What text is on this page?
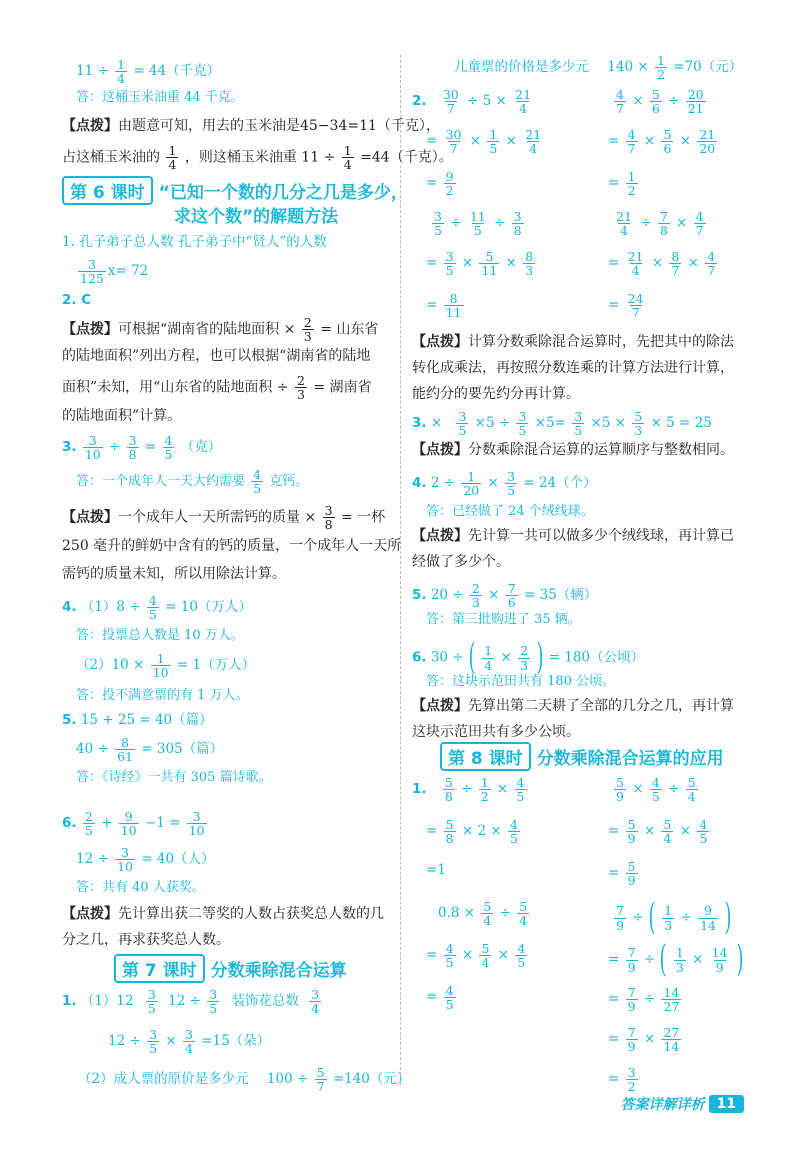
$11 \div \frac{1}{4} = 44$（千克）
答：这桶玉米油重 44 千克。
【点拨】由题意可知，用去的玉米油是45−34=11（千克），
占这桶玉米油的 $\frac{1}{4}$ ，则这桶玉米油重 $11 \div \frac{1}{4} =44$（千克）。
第 6 课时 “已知一个数的几分之几是多少，
求这个数”的解题方法
1. 孔子弟子总人数 孔子弟子中“贤人”的人数
$\frac{3}{125} x= 72$
2. C
【点拨】可根据“湖南省的陆地面积 × $\frac{2}{3}$ = 山东省
的陆地面积”列出方程，也可以根据“湖南省的陆地
面积”未知，用“山东省的陆地面积 ÷ $\frac{2}{3}$ = 湖南省
的陆地面积”计算。
3. $\frac{3}{10} \div \frac{3}{8} = \frac{4}{5}$ （克）
答：一个成年人一天大约需要 $\frac{4}{5}$ 克钙。
【点拨】一个成年人一天所需钙的质量 × $\frac{3}{8}$ = 一杯
250 毫升的鲜奶中含有的钙的质量，一个成年人一天所
需钙的质量未知，所以用除法计算。
4. $(1)8 \div \frac{4}{5} = 10$（万人）
答：投票总人数是 10 万人。
$(2)10 \times \frac{1}{10} = 1$（万人）
答：投不满意票的有 1 万人。
5. 15 + 25 = 40（篇）
$40 \div \frac{8}{61} = 305$（篇）
答：《诗经》一共有 305 篇诗歌。
6. $\frac{2}{5} + \frac{9}{10} -1 = \frac{3}{10}$
$12 \div \frac{3}{10} = 40$（人）
答：共有 40 人获奖。
【点拨】先计算出获二等奖的人数占获奖总人数的几
分之几，再求获奖总人数。
第 7 课时 分数乘除混合运算
1. $(1)12 \frac{3}{5} 12 \div \frac{3}{5}$ 装饰花总数 $\frac{3}{4}$
$12 \div \frac{3}{5} \times \frac{3}{4} =15$（朵）
（2）成人票的原价是多少元 $100 \div \frac{5}{7} =140$（元）
儿童票的价格是多少元 $140 \times \frac{1}{2} =70$（元）
2. $\frac{30}{7} \div 5 \times \frac{21}{4}$
= $\frac{30}{7} \times \frac{1}{5} \times \frac{21}{4}$
= $\frac{9}{2}$
$\frac{3}{5} \div \frac{11}{5} \div \frac{3}{8}$
= $\frac{3}{5} \times \frac{5}{11} \times \frac{8}{3}$
= $\frac{8}{11}$
$\frac{4}{7} \times \frac{5}{6} \div \frac{20}{21}$
= $\frac{4}{7} \times \frac{5}{6} \times \frac{21}{20}$
= $\frac{1}{2}$
$\frac{21}{4} \div \frac{7}{8} \times \frac{4}{7}$
= $\frac{21}{4} \times \frac{8}{7} \times \frac{4}{7}$
= $\frac{24}{7}$
【点拨】计算分数乘除混合运算时，先把其中的除法
转化成乘法，再按照分数连乘的计算方法进行计算，
能约分的要先约分再计算。
3. × $\frac{3}{5} \times 5 \div \frac{3}{5} \times 5= \frac{3}{5} \times 5 \times \frac{5}{3} \times 5 = 25$
【点拨】分数乘除混合运算的运算顺序与整数相同。
4. $2 \div \frac{1}{20} \times \frac{3}{5} = 24$（个）
答：已经做了 24 个绒线球。
【点拨】先计算一共可以做多少个绒线球，再计算已
经做了多少个。
5. $20 \div \frac{2}{3} \times \frac{7}{6} = 35$（辆）
答：第三批购进了 35 辆。
6. 30 ÷ ( $\frac{1}{4} \times \frac{2}{3}$ ) = 180（公顷）
答：这块示范田共有 180 公顷。
【点拨】先算出第二天耕了全部的几分之几，再计算
这块示范田共有多少公顷。
第 8 课时 分数乘除混合运算的应用
1. $\frac{5}{8} \div \frac{1}{2} \times \frac{4}{5}$
= $\frac{5}{8} \times 2 \times \frac{4}{5}$
=1
$0.8 \times \frac{5}{4} \div \frac{5}{4}$
= $\frac{4}{5} \times \frac{5}{4} \times \frac{4}{5}$
= $\frac{4}{5}$
$\frac{5}{9} \times \frac{4}{5} \div \frac{5}{4}$
= $\frac{5}{9} \times \frac{5}{4} \times \frac{4}{5}$
= $\frac{5}{9}$
$\frac{7}{9}$ ÷ ( $\frac{1}{3} \div \frac{9}{14}$ )
= $\frac{7}{9}$ ÷ ( $\frac{1}{3} \times \frac{14}{9}$ )
= $\frac{7}{9} \div \frac{14}{27}$
= $\frac{7}{9} \times \frac{27}{14}$
= $\frac{3}{2}$
答案详解详析 11
